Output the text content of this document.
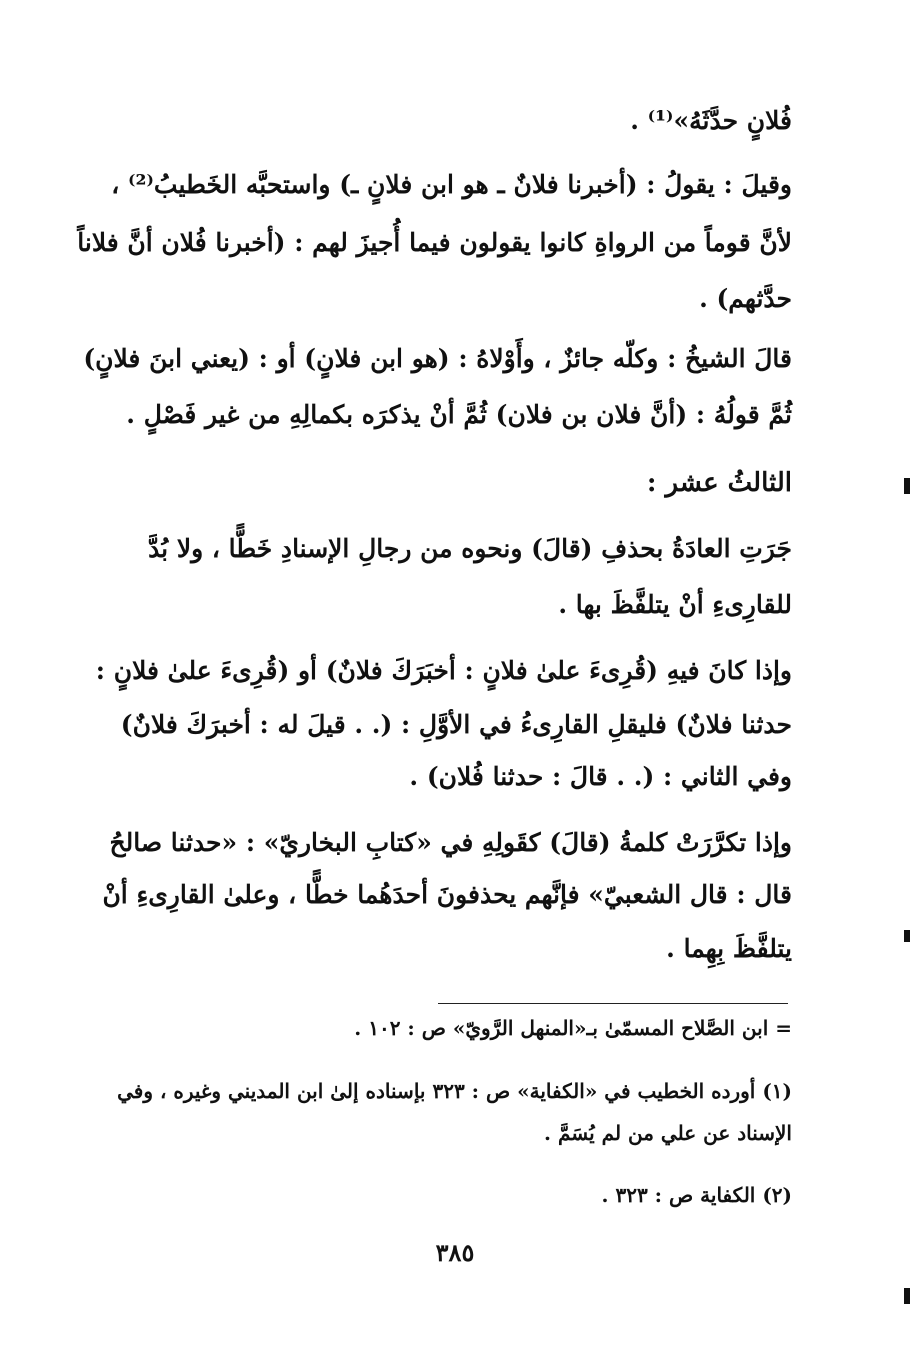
فُلانٍ حدَّثَهُ»⁽¹⁾ .
وقيلَ : يقولُ : (أخبرنا فلانٌ ـ هو ابن فلانٍ ـ) واستحبَّه الخَطيبُ⁽²⁾ ،
لأنَّ قوماً من الرواةِ كانوا يقولون فيما أُجيزَ لهم : (أخبرنا فُلان أنَّ فلاناً
حدَّثهم) .
قالَ الشيخُ : وكلّه جائزٌ ، وأَوْلاهُ : (هو ابن فلانٍ) أو : (يعني ابنَ فلانٍ)
ثُمَّ قولُهُ : (أنَّ فلان بن فلان) ثُمَّ أنْ يذكرَه بكمالِهِ من غير فَصْلٍ .
الثالثُ عشر :
جَرَتِ العادَةُ بحذفِ (قالَ) ونحوه من رجالِ الإسنادِ خَطًّا ، ولا بُدَّ
للقارِىءِ أنْ يتلفَّظَ بها .
وإذا كانَ فيهِ (قُرِىءَ علىٰ فلانٍ : أخبَرَكَ فلانٌ) أو (قُرِىءَ علىٰ فلانٍ :
حدثنا فلانٌ) فليقلِ القارِىءُ في الأوَّلِ : (. . قيلَ له : أخبرَكَ فلانٌ)
وفي الثاني : (. . قالَ : حدثنا فُلان) .
وإذا تكرَّرَتْ كلمةُ (قالَ) كقَولِهِ في «كتابِ البخاريّ» : «حدثنا صالحُ
قال : قال الشعبيّ» فإنَّهم يحذفونَ أحدَهُما خطًّا ، وعلىٰ القارِىءِ أنْ
يتلفَّظَ بِهِما .
= ابن الصَّلاح المسمّىٰ بـ«المنهل الرَّويّ» ص : ١٠٢ .
(١) أورده الخطيب في «الكفاية» ص : ٣٢٣ بإسناده إلىٰ ابن المديني وغيره ، وفي
الإسناد عن علي من لم يُسَمَّ .
(٢) الكفاية ص : ٣٢٣ .
٣٨٥
